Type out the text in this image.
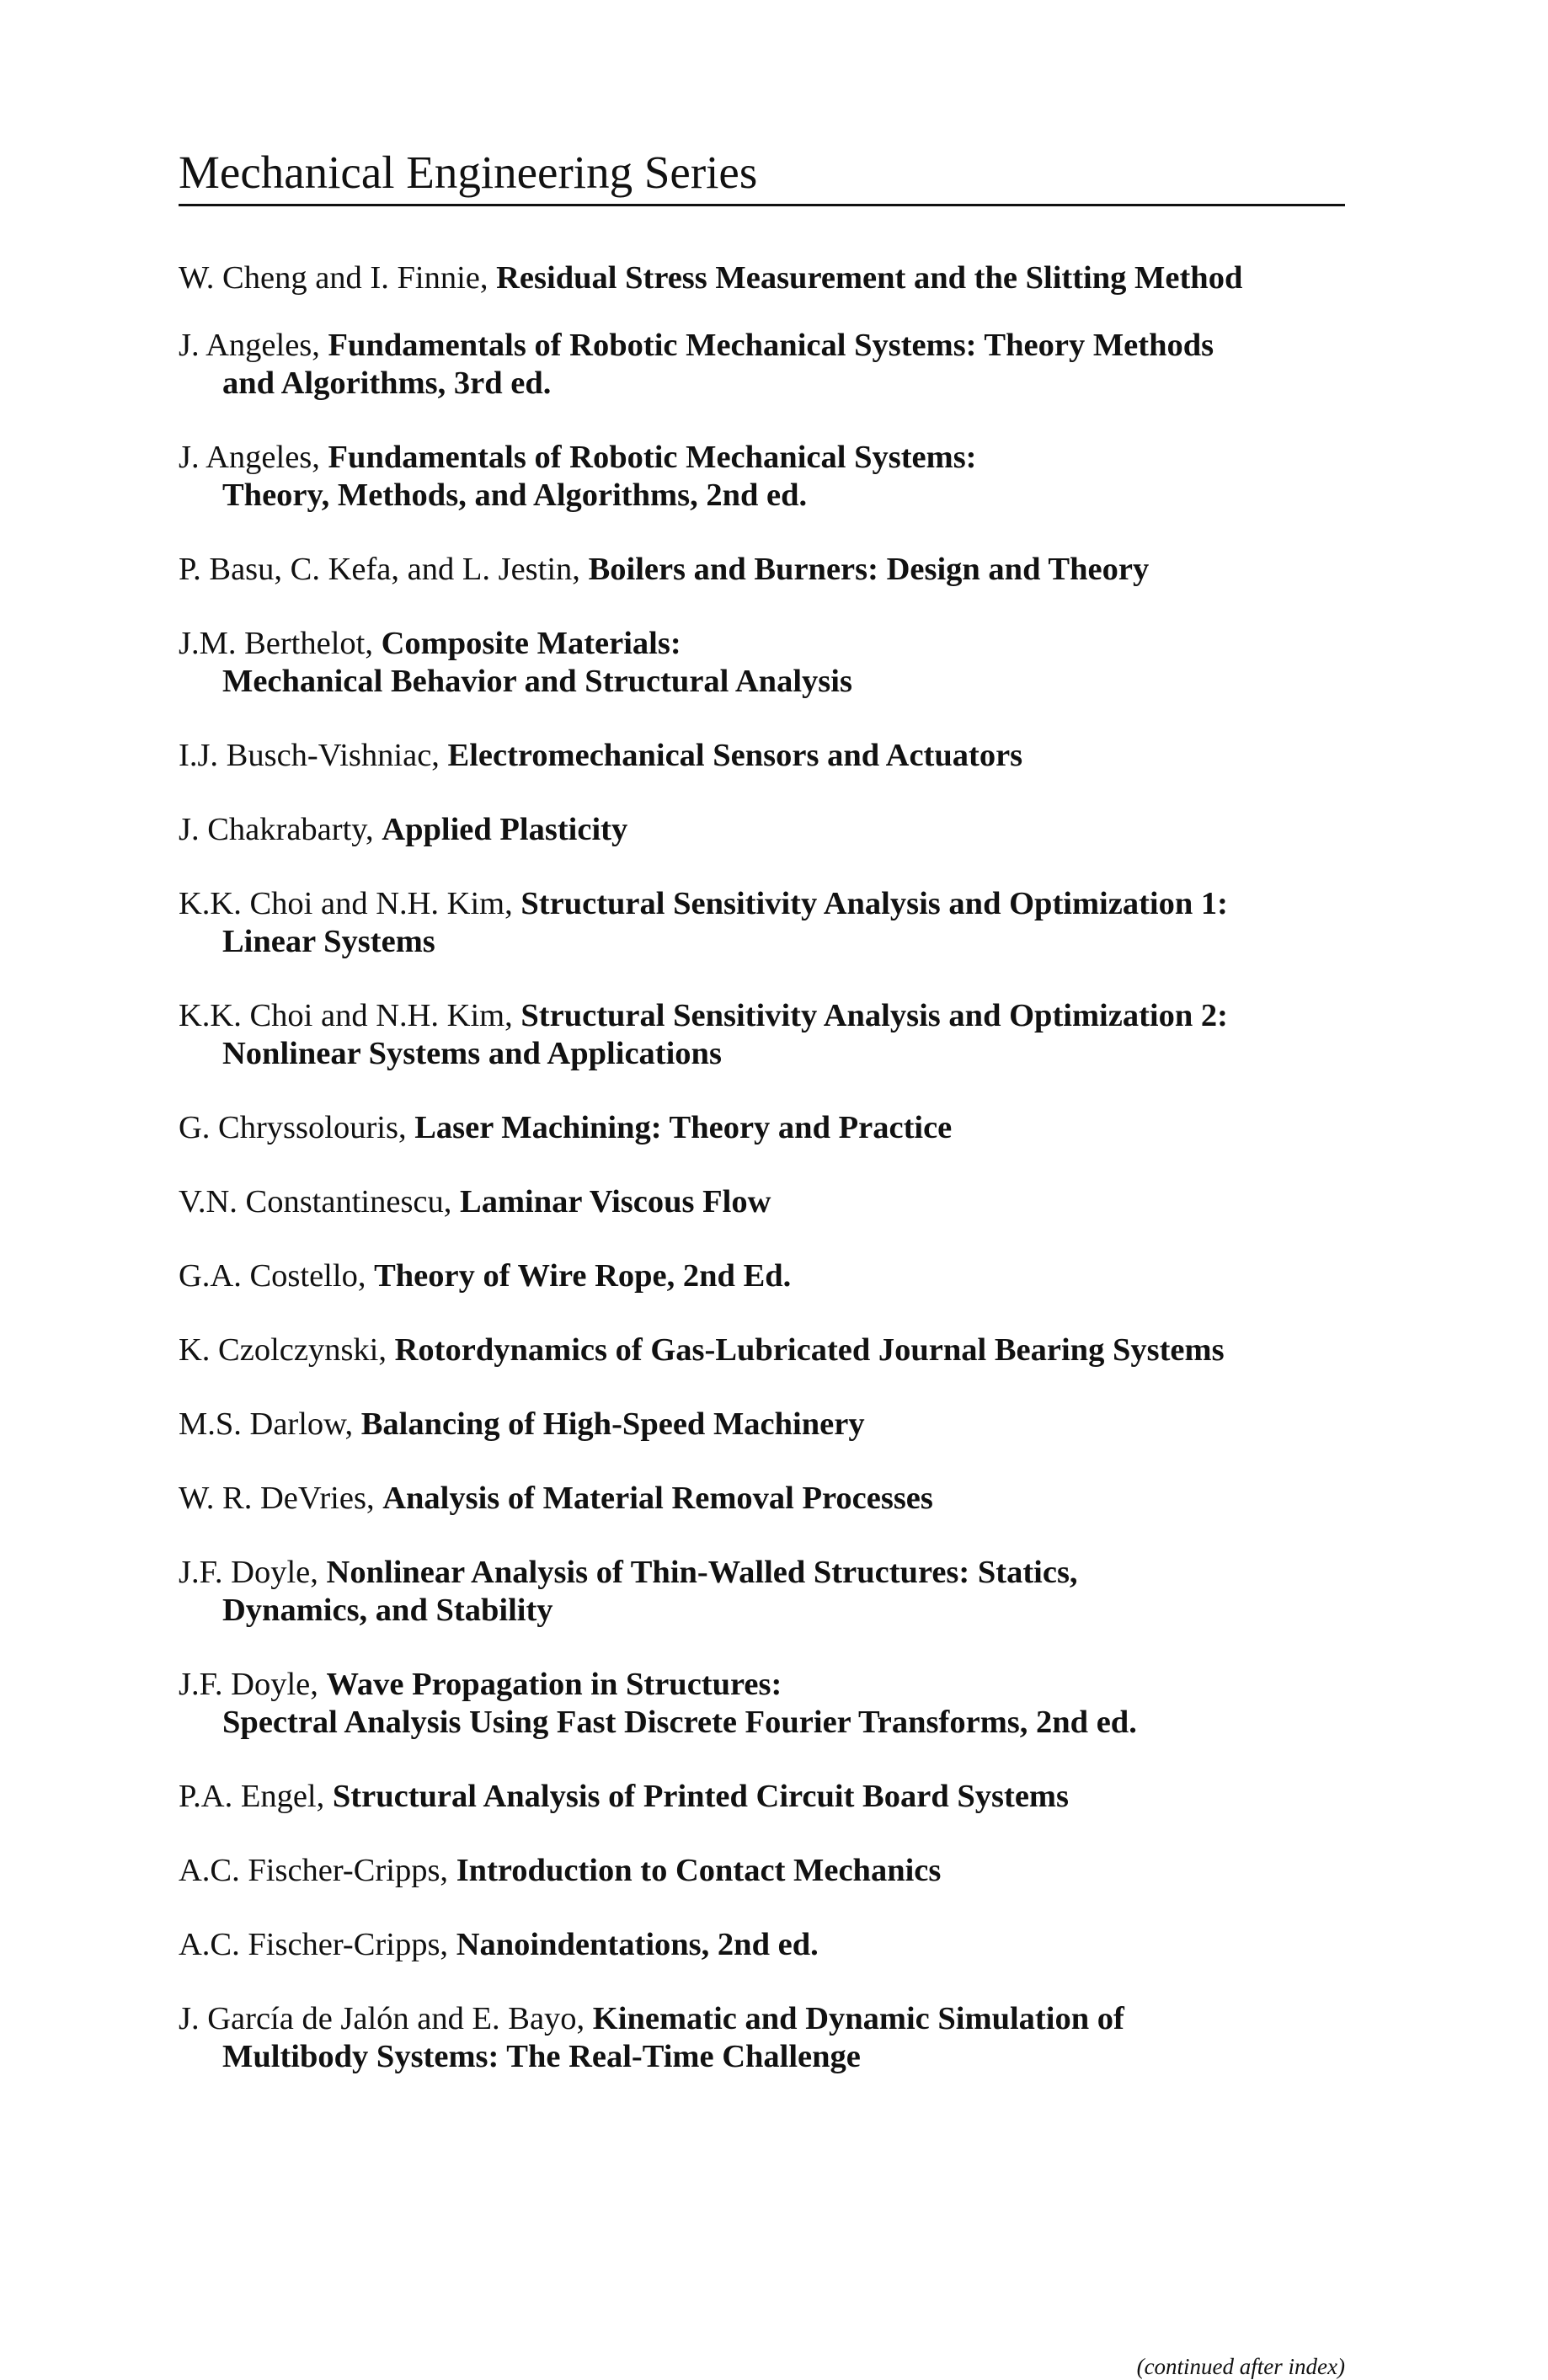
Mechanical Engineering Series
W. Cheng and I. Finnie, Residual Stress Measurement and the Slitting Method
J. Angeles, Fundamentals of Robotic Mechanical Systems: Theory Methods
and Algorithms, 3rd ed.
J. Angeles, Fundamentals of Robotic Mechanical Systems:
Theory, Methods, and Algorithms, 2nd ed.
P. Basu, C. Kefa, and L. Jestin, Boilers and Burners: Design and Theory
J.M. Berthelot, Composite Materials:
Mechanical Behavior and Structural Analysis
I.J. Busch-Vishniac, Electromechanical Sensors and Actuators
J. Chakrabarty, Applied Plasticity
K.K. Choi and N.H. Kim, Structural Sensitivity Analysis and Optimization 1:
Linear Systems
K.K. Choi and N.H. Kim, Structural Sensitivity Analysis and Optimization 2:
Nonlinear Systems and Applications
G. Chryssolouris, Laser Machining: Theory and Practice
V.N. Constantinescu, Laminar Viscous Flow
G.A. Costello, Theory of Wire Rope, 2nd Ed.
K. Czolczynski, Rotordynamics of Gas-Lubricated Journal Bearing Systems
M.S. Darlow, Balancing of High-Speed Machinery
W. R. DeVries, Analysis of Material Removal Processes
J.F. Doyle, Nonlinear Analysis of Thin-Walled Structures: Statics,
Dynamics, and Stability
J.F. Doyle, Wave Propagation in Structures:
Spectral Analysis Using Fast Discrete Fourier Transforms, 2nd ed.
P.A. Engel, Structural Analysis of Printed Circuit Board Systems
A.C. Fischer-Cripps, Introduction to Contact Mechanics
A.C. Fischer-Cripps, Nanoindentations, 2nd ed.
J. García de Jalón and E. Bayo, Kinematic and Dynamic Simulation of
Multibody Systems: The Real-Time Challenge

(continued after index)
